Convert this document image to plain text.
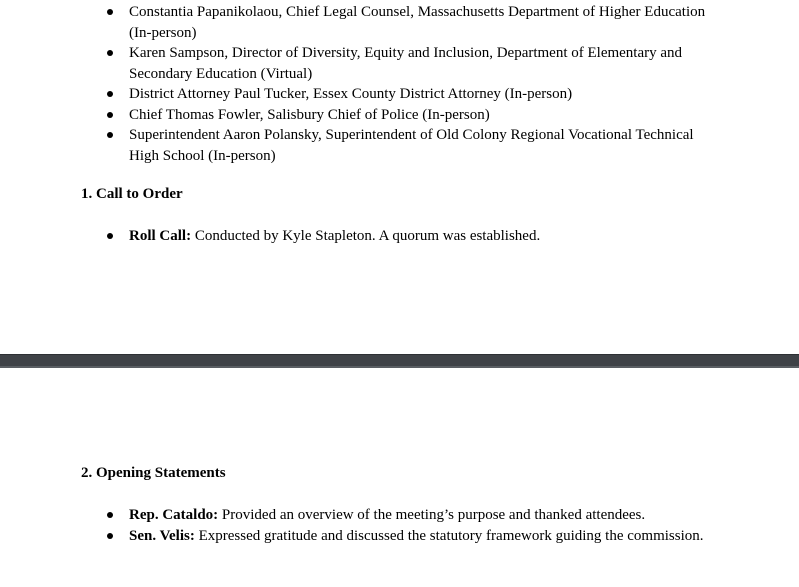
Constantia Papanikolaou, Chief Legal Counsel, Massachusetts Department of Higher Education (In-person)
Karen Sampson, Director of Diversity, Equity and Inclusion, Department of Elementary and Secondary Education (Virtual)
District Attorney Paul Tucker, Essex County District Attorney (In-person)
Chief Thomas Fowler, Salisbury Chief of Police (In-person)
Superintendent Aaron Polansky, Superintendent of Old Colony Regional Vocational Technical High School (In-person)
1. Call to Order
Roll Call: Conducted by Kyle Stapleton. A quorum was established.
2. Opening Statements
Rep. Cataldo: Provided an overview of the meeting’s purpose and thanked attendees.
Sen. Velis: Expressed gratitude and discussed the statutory framework guiding the commission.
